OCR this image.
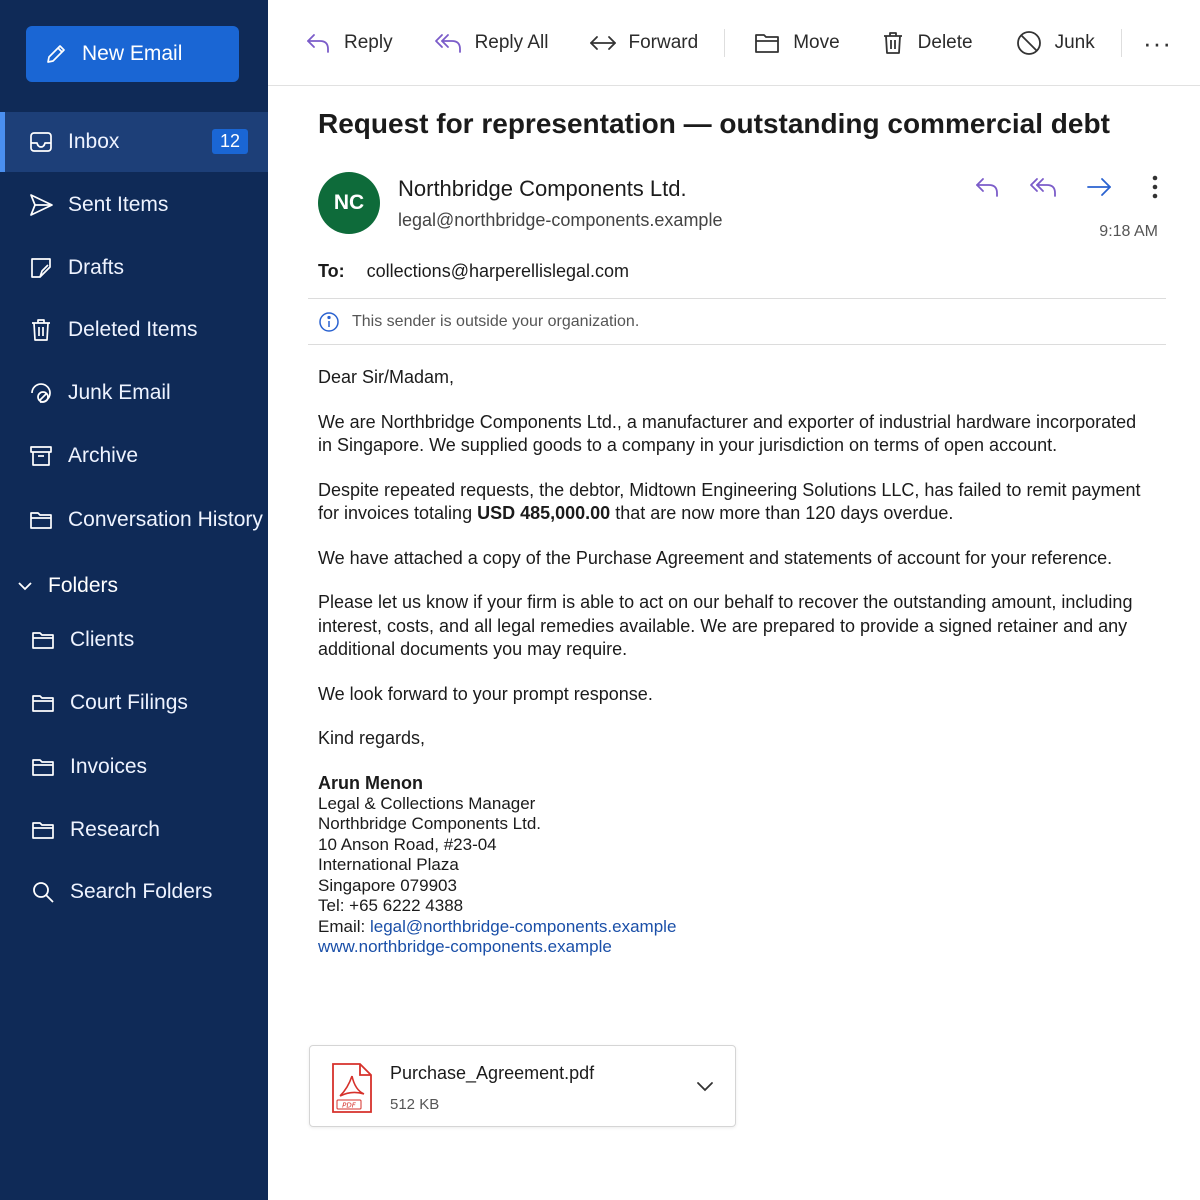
New Email
Inbox	12
Sent Items
Drafts
Deleted Items
Junk Email
Archive
Conversation History
Folders
Clients
Court Filings
Invoices
Research
Search Folders
Reply	Reply All	Forward	Move	Delete	Junk ···
Request for representation — outstanding commercial debt
NC
Northbridge Components Ltd.
legal@northbridge-components.example
9:18 AM
To: collections@harperellislegal.com
This sender is outside your organization.

Dear Sir/Madam,

We are Northbridge Components Ltd., a manufacturer and exporter of industrial hardware incorporated in Singapore. We supplied goods to a company in your jurisdiction on terms of open account.

Despite repeated requests, the debtor, Midtown Engineering Solutions LLC, has failed to remit payment for invoices totaling USD 485,000.00 that are now more than 120 days overdue.

We have attached a copy of the Purchase Agreement and statements of account for your reference.

Please let us know if your firm is able to act on our behalf to recover the outstanding amount, including interest, costs, and all legal remedies available. We are prepared to provide a signed retainer and any additional documents you may require.

We look forward to your prompt response.

Kind regards,

Arun Menon
Legal & Collections Manager
Northbridge Components Ltd.
10 Anson Road, #23-04
International Plaza
Singapore 079903
Tel: +65 6222 4388
Email: legal@northbridge-components.example
www.northbridge-components.example
PDF
Purchase_Agreement.pdf
512 KB
